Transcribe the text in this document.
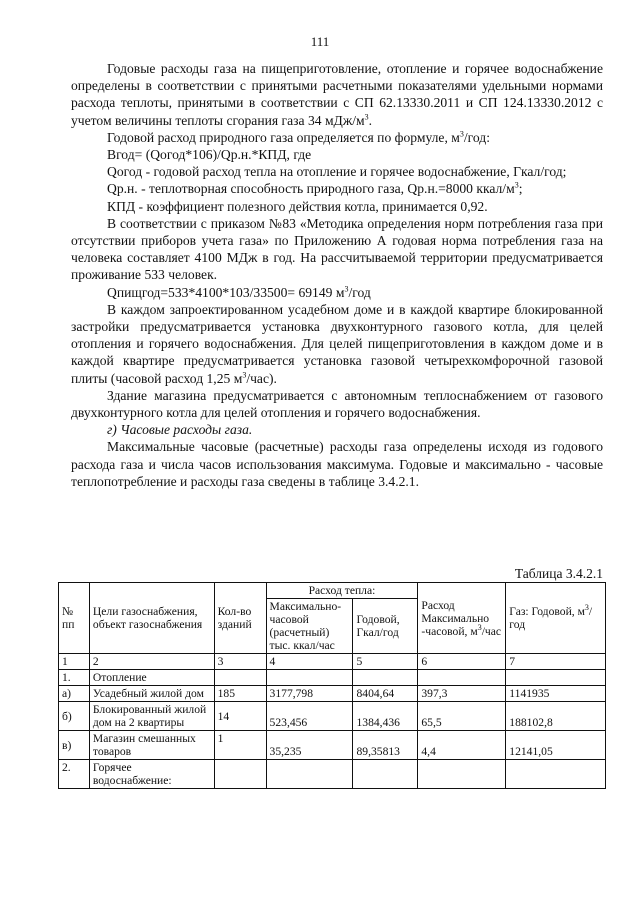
111

Годовые расходы газа на пищеприготовление, отопление и горячее водоснабжение определены в соответствии с принятыми расчетными показателями удельными нормами расхода теплоты, принятыми в соответствии с СП 62.13330.2011 и СП 124.13330.2012 с учетом величины теплоты сгорания газа 34 мДж/$м^3$.

Годовой расход природного газа определяется по формуле, $м^3$/год:

Вгод= (Qогод*106)/Qр.н.*КПД, где

Qогод - годовой расход тепла на отопление и горячее водоснабжение, Гкал/год;

Qр.н. - теплотворная способность природного газа, Qр.н.=8000 ккал/$м^3$;

КПД - коэффициент полезного действия котла, принимается 0,92.

В соответствии с приказом №83 «Методика определения норм потребления газа при отсутствии приборов учета газа» по Приложению А годовая норма потребления газа на человека составляет 4100 МДж в год. На рассчитываемой территории предусматривается проживание 533 человек.

Qпищгод=533*4100*103/33500= 69149 $м^3$/год

В каждом запроектированном усадебном доме и в каждой квартире блокированной застройки предусматривается установка двухконтурного газового котла, для целей отопления и горячего водоснабжения. Для целей пищеприготовления в каждом доме и в каждой квартире предусматривается установка газовой четырехкомфорочной газовой плиты (часовой расход 1,25 $м^3/час$).

Здание магазина предусматривается с автономным теплоснабжением от газового двухконтурного котла для целей отопления и горячего водоснабжения.

г) Часовые расходы газа.

Максимальные часовые (расчетные) расходы газа определены исходя из годового расхода газа и числа часов использования максимума. Годовые и максимально - часовые теплопотребление и расходы газа сведены в таблице 3.4.2.1.

Таблица 3.4.2.1
№ пп	Цели газоснабжения, объект газоснабжения	Кол-во зданий	Расход тепла:		Расход Максимально -часовой, $м^3$/час	Газ: Годовой, $м^3$/год
			Максимально-часовой (расчетный) тыс. ккал/час	Годовой, Гкал/год		
1	2	3	4	5	6	7
1.	Отопление					
а)	Усадебный жилой дом	185	3177,798	8404,64	397,3	1141935
б)	Блокированный жилой дом на 2 квартиры	14	523,456	1384,436	65,5	188102,8
в)	Магазин смешанных товаров	1	35,235	89,35813	4,4	12141,05
2.	Горячее водоснабжение:					
